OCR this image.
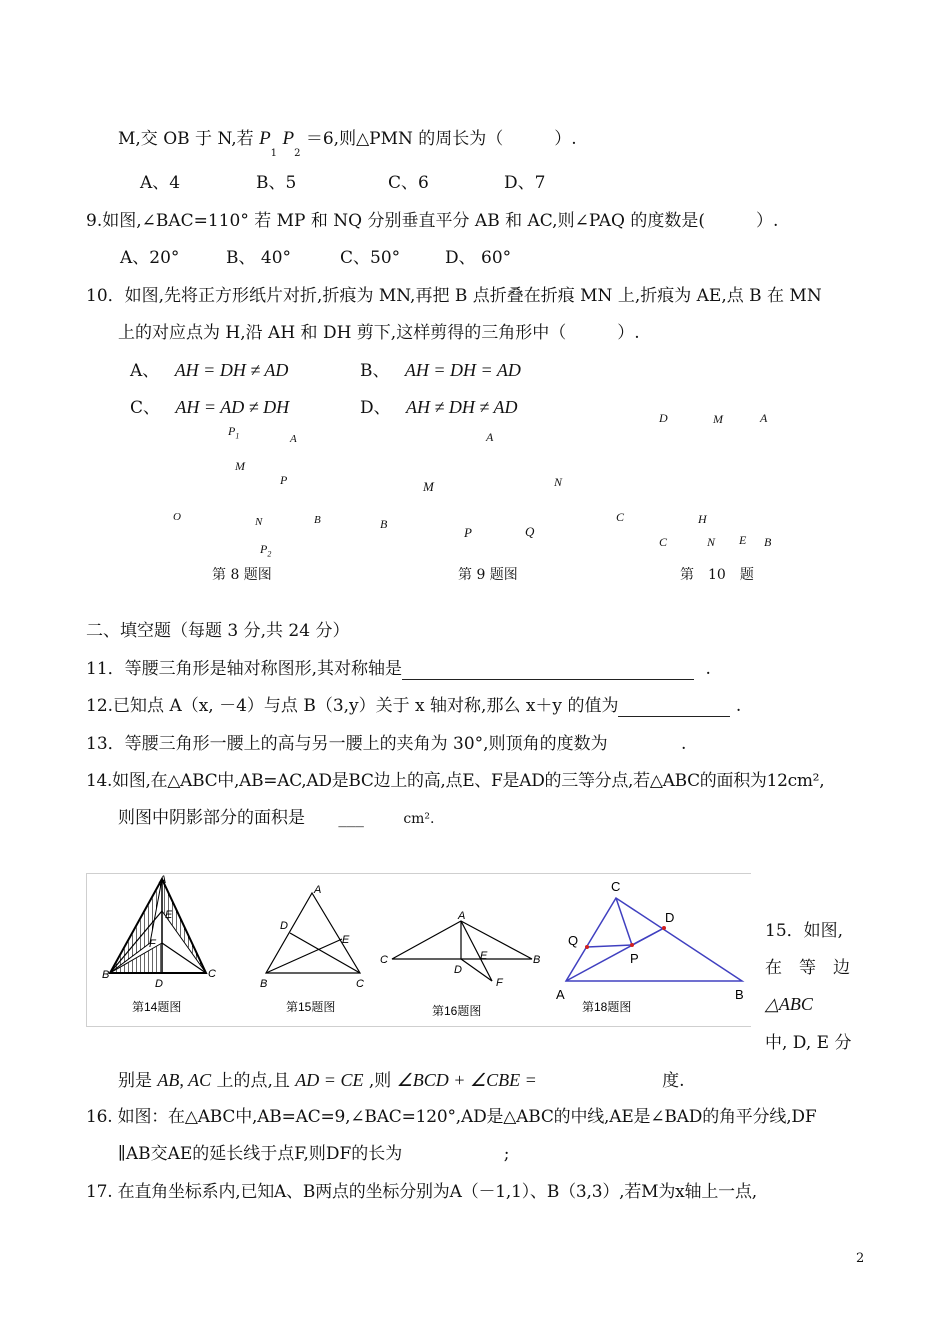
M,交 OB 于 N,若 $P_1$ $P_2 =6$,则△PMN 的周长为（　　　）.
A、4	B、5	C、6	D、7
9.如图,∠BAC=110° 若 MP 和 NQ 分别垂直平分 AB 和 AC,则∠PAQ 的度数是(　　　）.
A、20°	B、 40°	C、50°	D、 60°
10．如图,先将正方形纸片对折,折痕为 MN,再把 B 点折叠在折痕 MN 上,折痕为 AE,点 B 在 MN
上的对应点为 H,沿 AH 和 DH 剪下,这样剪得的三角形中（　　　）.
A、 AH = DH ≠ AD	B、 AH = DH = AD
C、 AH = AD ≠ DH	D、 AH ≠ DH ≠ AD
$P_1$	A
M
P
O	N	B
$P_2$
第 8 题图
A
M	N
B
P	Q
第 9 题图
D	M	A
C	H
C	N E B
第　10　题
二、填空题（每题 3 分,共 24 分）
11．等腰三角形是轴对称图形,其对称轴是	.
12.已知点 A（x, －4）与点 B（3,y）关于 x 轴对称,那么 x＋y 的值为	.
13．等腰三角形一腰上的高与另一腰上的夹角为 30°,则顶角的度数为	.
14.如图,在△ABC中,AB=AC,AD是BC边上的高,点E、F是AD的三等分点,若△ABC的面积为12cm²,
则图中阴影部分的面积是 ___	cm².
A
E
F
B	C
D
第14题图
A
D
E
B	C
第15题图
A
C	E	B
D
F
第16题图
C
D
Q
P
A	B
第18题图
15．如图,
在　等　边
△ABC
中, D, E 分
别是 AB, AC 上的点,且 AD = CE ,则 ∠BCD + ∠CBE =	度.
16. 如图：在△ABC中,AB=AC=9,∠BAC=120°,AD是△ABC的中线,AE是∠BAD的角平分线,DF
∥AB交AE的延长线于点F,则DF的长为	;
17. 在直角坐标系内,已知A、B两点的坐标分别为A（－1,1）、B（3,3）,若M为x轴上一点,
2
